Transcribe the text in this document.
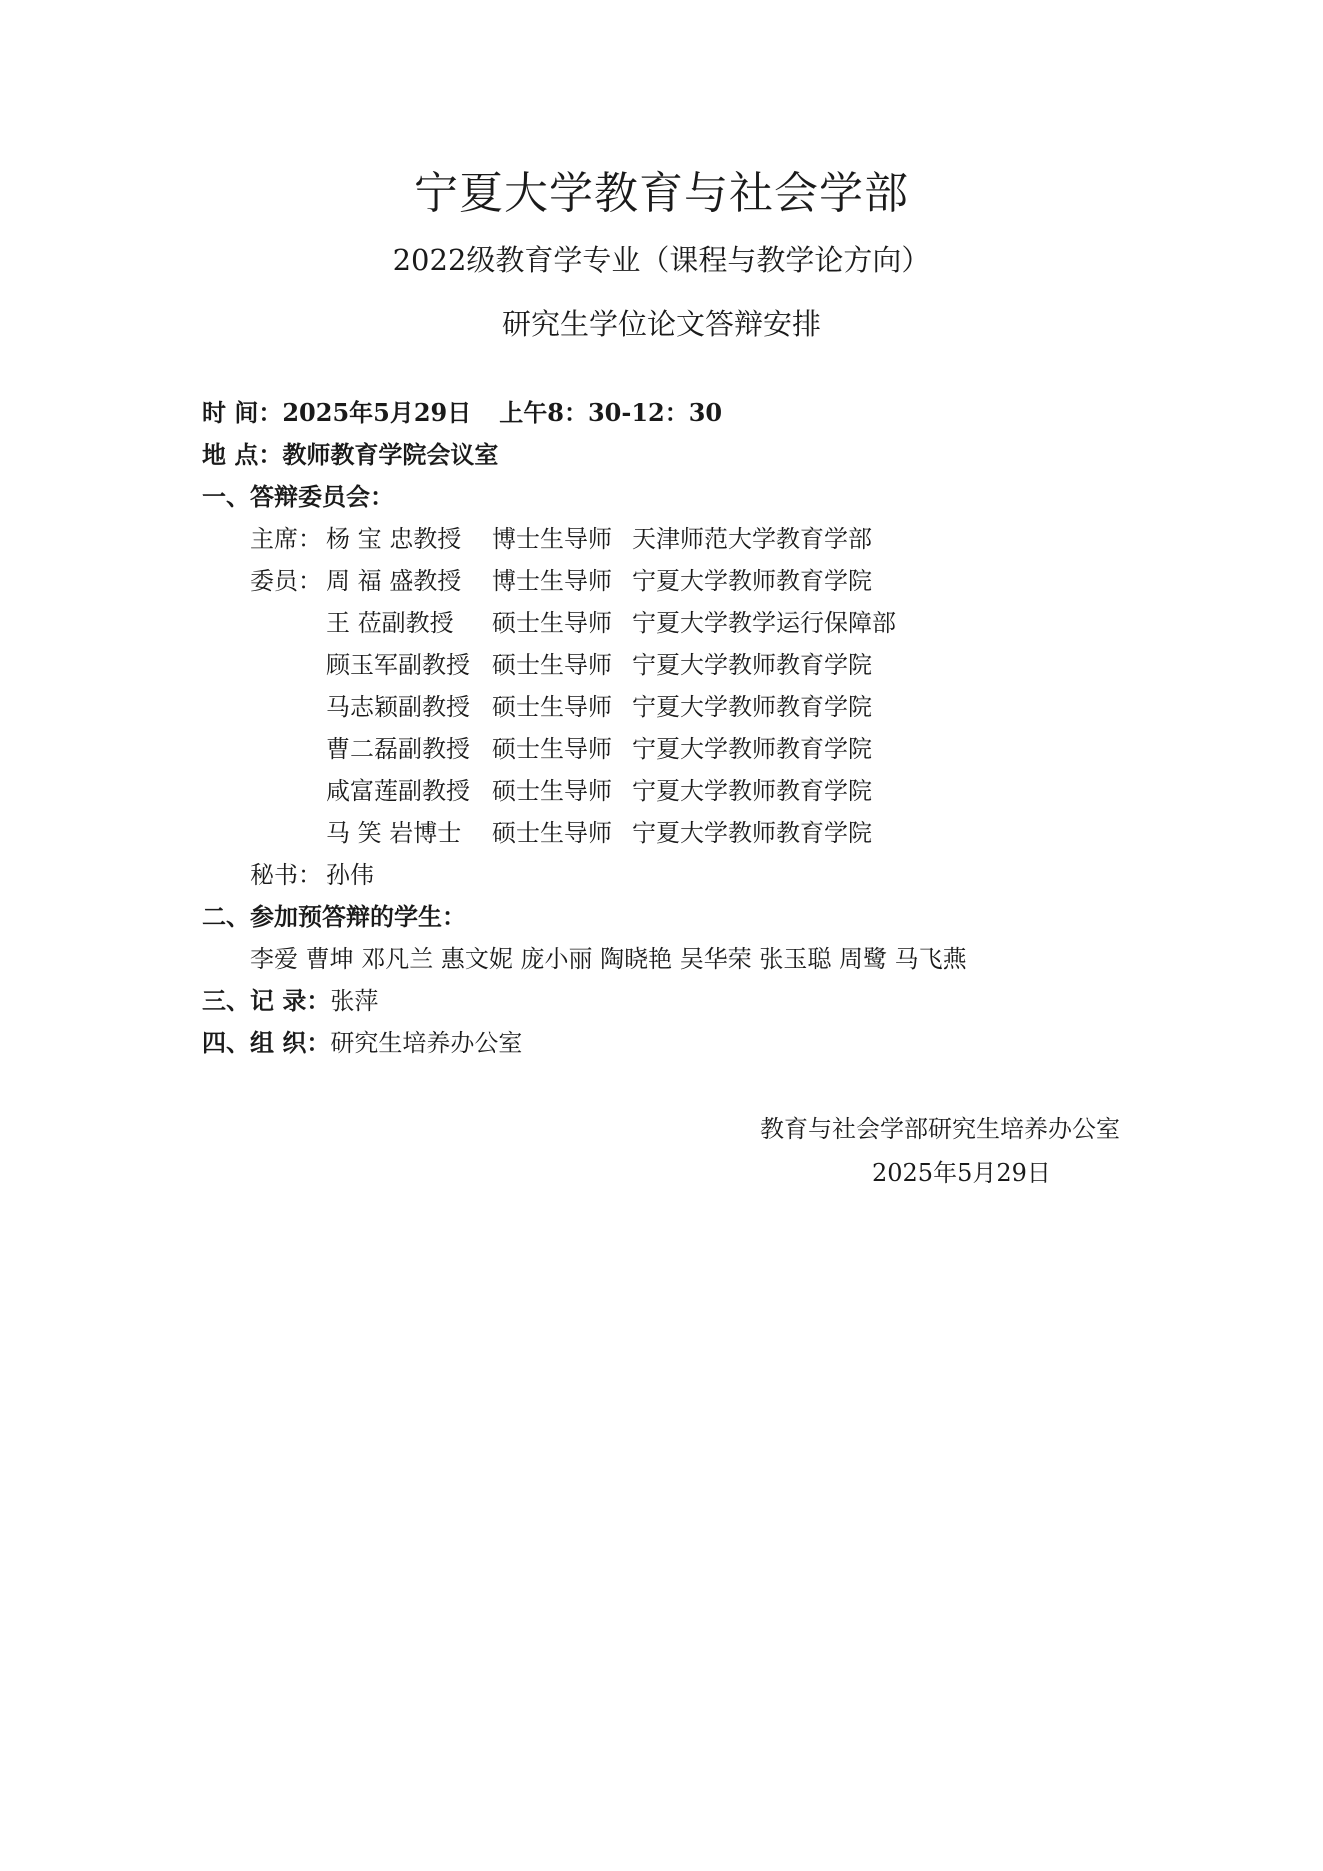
宁夏大学教育与社会学部
2022级教育学专业（课程与教学论方向）
研究生学位论文答辩安排
时 间：2025年5月29日 上午8：30-12：30
地 点：教师教育学院会议室
一、答辩委员会：
主席： 杨 宝 忠教授 博士生导师 天津师范大学教育学部
委员： 周 福 盛教授 博士生导师 宁夏大学教师教育学院
王 莅副教授 硕士生导师 宁夏大学教学运行保障部
顾玉军副教授 硕士生导师 宁夏大学教师教育学院
马志颖副教授 硕士生导师 宁夏大学教师教育学院
曹二磊副教授 硕士生导师 宁夏大学教师教育学院
咸富莲副教授 硕士生导师 宁夏大学教师教育学院
马 笑 岩博士 硕士生导师 宁夏大学教师教育学院
秘书： 孙伟
二、参加预答辩的学生：
李爱 曹坤 邓凡兰 惠文妮 庞小丽 陶晓艳 吴华荣 张玉聪 周鹭 马飞燕
三、记 录：张萍
四、组 织：研究生培养办公室
教育与社会学部研究生培养办公室
2025年5月29日
